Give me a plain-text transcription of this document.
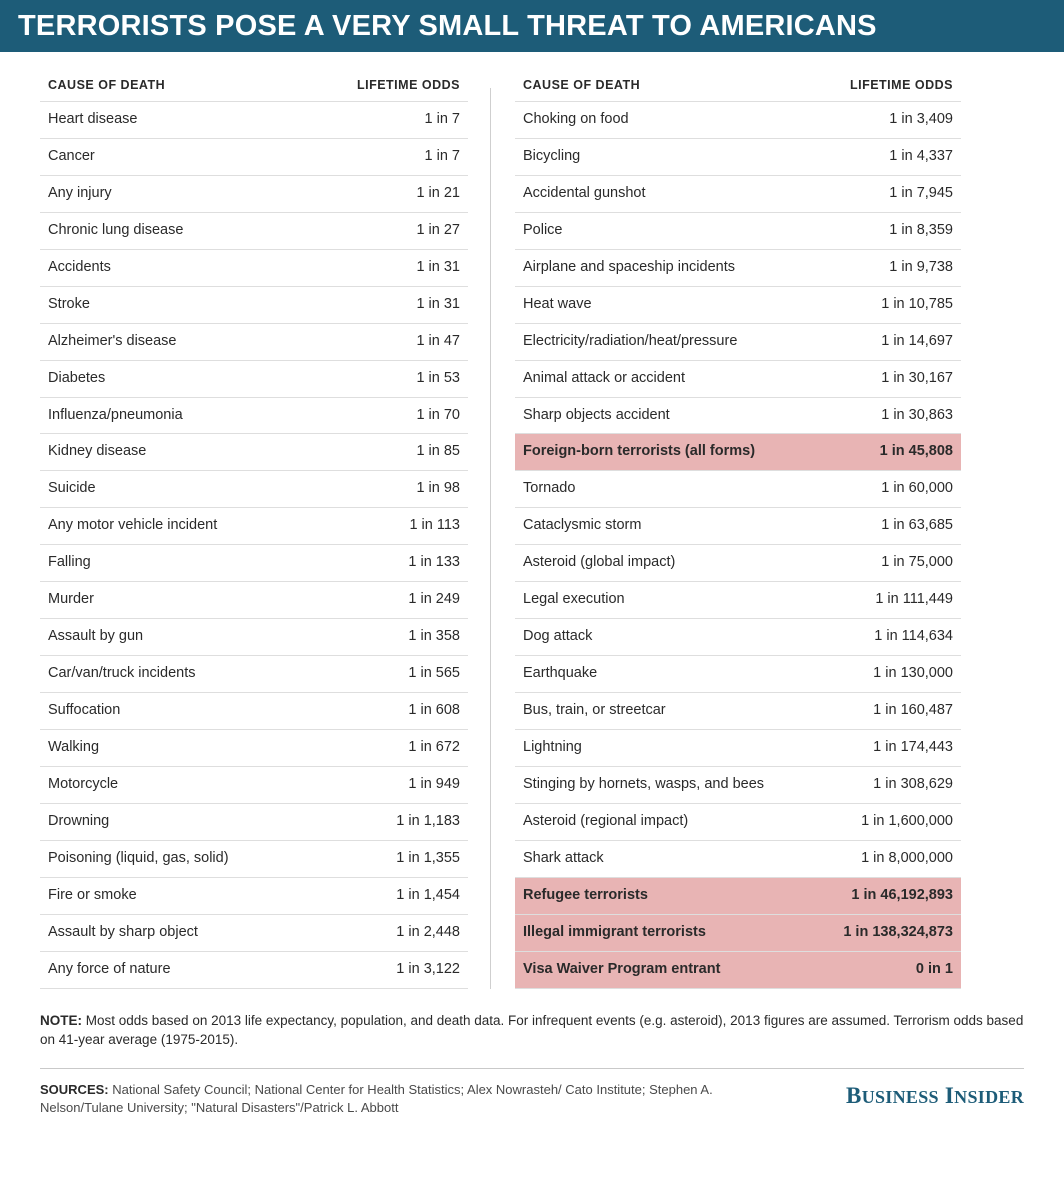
TERRORISTS POSE A VERY SMALL THREAT TO AMERICANS
CAUSE OF DEATH	LIFETIME ODDS
Heart disease	1 in 7
Cancer	1 in 7
Any injury	1 in 21
Chronic lung disease	1 in 27
Accidents	1 in 31
Stroke	1 in 31
Alzheimer's disease	1 in 47
Diabetes	1 in 53
Influenza/pneumonia	1 in 70
Kidney disease	1 in 85
Suicide	1 in 98
Any motor vehicle incident	1 in 113
Falling	1 in 133
Murder	1 in 249
Assault by gun	1 in 358
Car/van/truck incidents	1 in 565
Suffocation	1 in 608
Walking	1 in 672
Motorcycle	1 in 949
Drowning	1 in 1,183
Poisoning (liquid, gas, solid)	1 in 1,355
Fire or smoke	1 in 1,454
Assault by sharp object	1 in 2,448
Any force of nature	1 in 3,122
CAUSE OF DEATH	LIFETIME ODDS
Choking on food	1 in 3,409
Bicycling	1 in 4,337
Accidental gunshot	1 in 7,945
Police	1 in 8,359
Airplane and spaceship incidents	1 in 9,738
Heat wave	1 in 10,785
Electricity/radiation/heat/pressure	1 in 14,697
Animal attack or accident	1 in 30,167
Sharp objects accident	1 in 30,863
Foreign-born terrorists (all forms)	1 in 45,808
Tornado	1 in 60,000
Cataclysmic storm	1 in 63,685
Asteroid (global impact)	1 in 75,000
Legal execution	1 in 111,449
Dog attack	1 in 114,634
Earthquake	1 in 130,000
Bus, train, or streetcar	1 in 160,487
Lightning	1 in 174,443
Stinging by hornets, wasps, and bees	1 in 308,629
Asteroid (regional impact)	1 in 1,600,000
Shark attack	1 in 8,000,000
Refugee terrorists	1 in 46,192,893
Illegal immigrant terrorists	1 in 138,324,873
Visa Waiver Program entrant	0 in 1
NOTE: Most odds based on 2013 life expectancy, population, and death data. For infrequent events (e.g. asteroid), 2013 figures are assumed. Terrorism odds based on 41-year average (1975-2015).
SOURCES: National Safety Council; National Center for Health Statistics; Alex Nowrasteh/ Cato Institute; Stephen A. Nelson/Tulane University; "Natural Disasters"/Patrick L. Abbott
BUSINESS INSIDER
